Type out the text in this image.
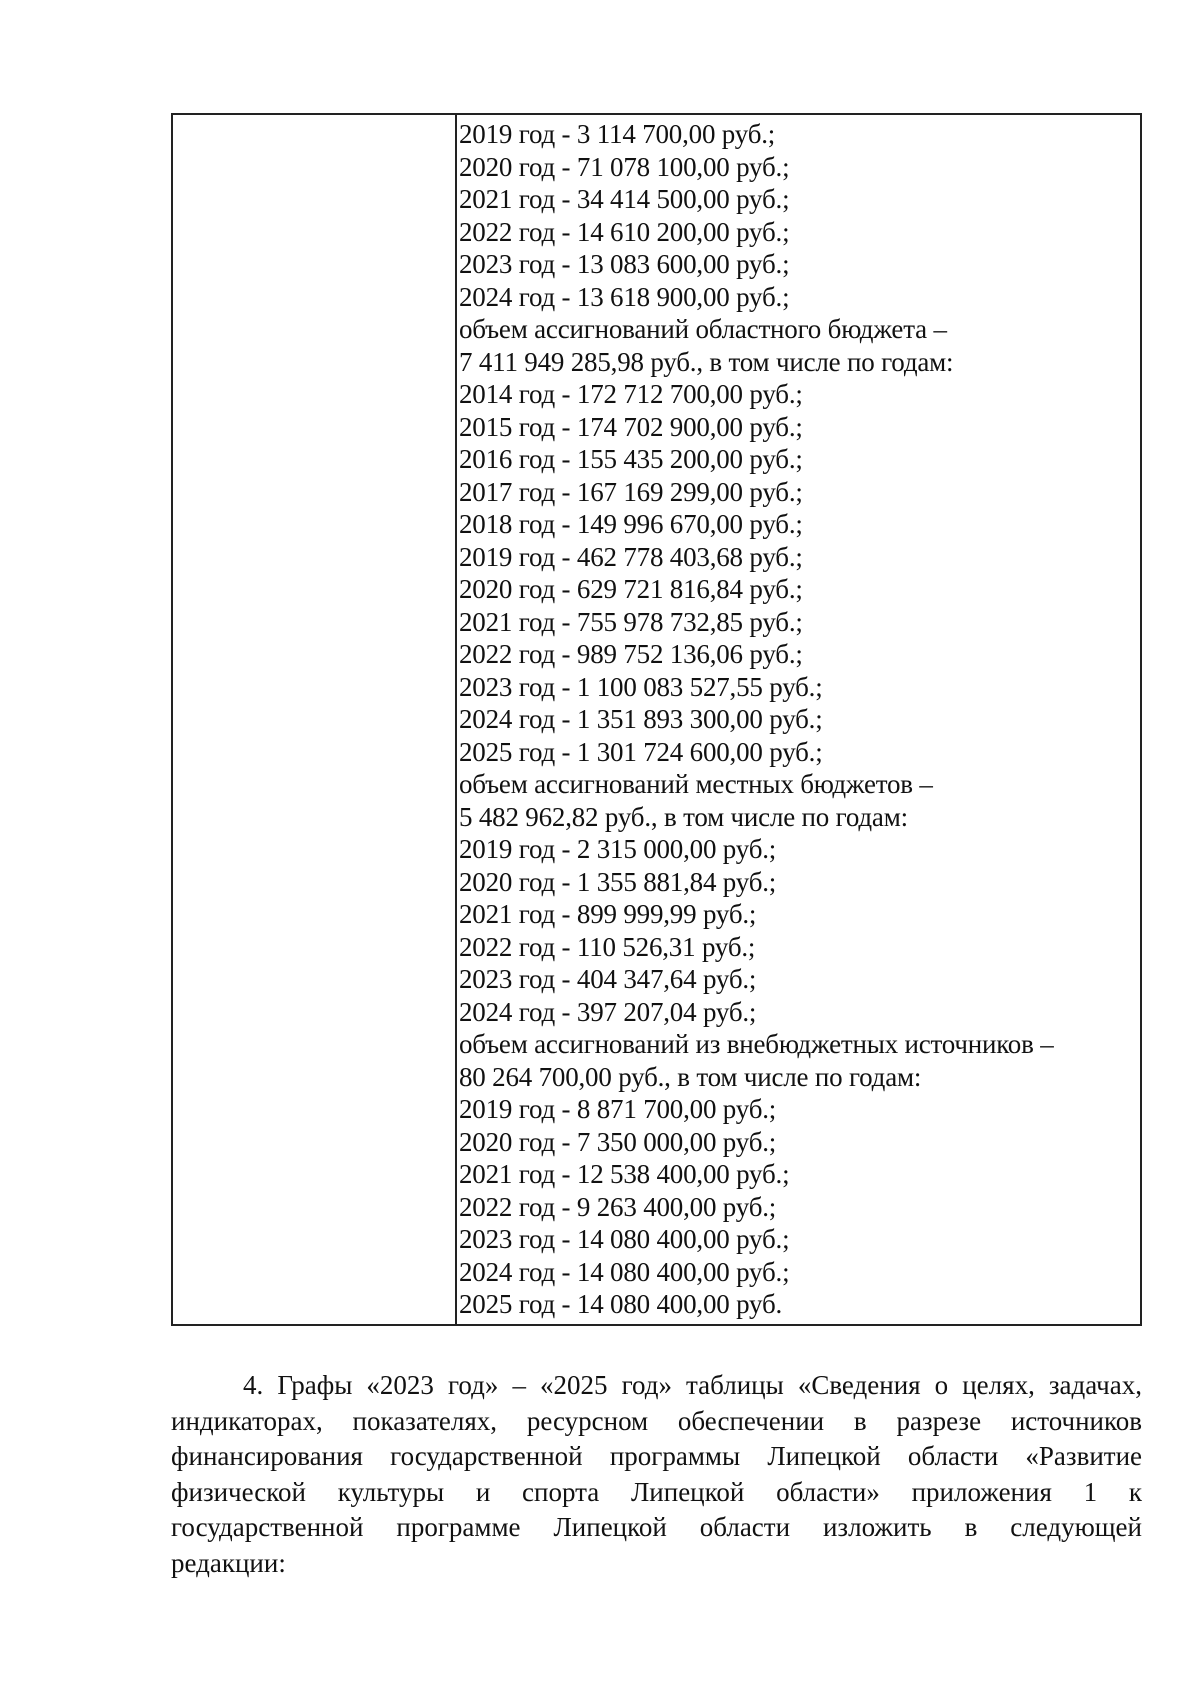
2019 год - 3 114 700,00 руб.;
2020 год - 71 078 100,00 руб.;
2021 год - 34 414 500,00 руб.;
2022 год - 14 610 200,00 руб.;
2023 год - 13 083 600,00 руб.;
2024 год - 13 618 900,00 руб.;
объем ассигнований областного бюджета –
7 411 949 285,98 руб., в том числе по годам:
2014 год - 172 712 700,00 руб.;
2015 год - 174 702 900,00 руб.;
2016 год - 155 435 200,00 руб.;
2017 год - 167 169 299,00 руб.;
2018 год - 149 996 670,00 руб.;
2019 год - 462 778 403,68 руб.;
2020 год - 629 721 816,84 руб.;
2021 год - 755 978 732,85 руб.;
2022 год - 989 752 136,06 руб.;
2023 год - 1 100 083 527,55 руб.;
2024 год - 1 351 893 300,00 руб.;
2025 год - 1 301 724 600,00 руб.;
объем ассигнований местных бюджетов –
5 482 962,82 руб., в том числе по годам:
2019 год - 2 315 000,00 руб.;
2020 год - 1 355 881,84 руб.;
2021 год - 899 999,99 руб.;
2022 год - 110 526,31 руб.;
2023 год - 404 347,64 руб.;
2024 год - 397 207,04 руб.;
объем ассигнований из внебюджетных источников –
80 264 700,00 руб., в том числе по годам:
2019 год - 8 871 700,00 руб.;
2020 год - 7 350 000,00 руб.;
2021 год - 12 538 400,00 руб.;
2022 год - 9 263 400,00 руб.;
2023 год - 14 080 400,00 руб.;
2024 год - 14 080 400,00 руб.;
2025 год - 14 080 400,00 руб.
4. Графы «2023 год» – «2025 год» таблицы «Сведения о целях, задачах,
индикаторах, показателях, ресурсном обеспечении в разрезе источников
финансирования государственной программы Липецкой области «Развитие
физической культуры и спорта Липецкой области» приложения 1 к
государственной программе Липецкой области изложить в следующей
редакции:
